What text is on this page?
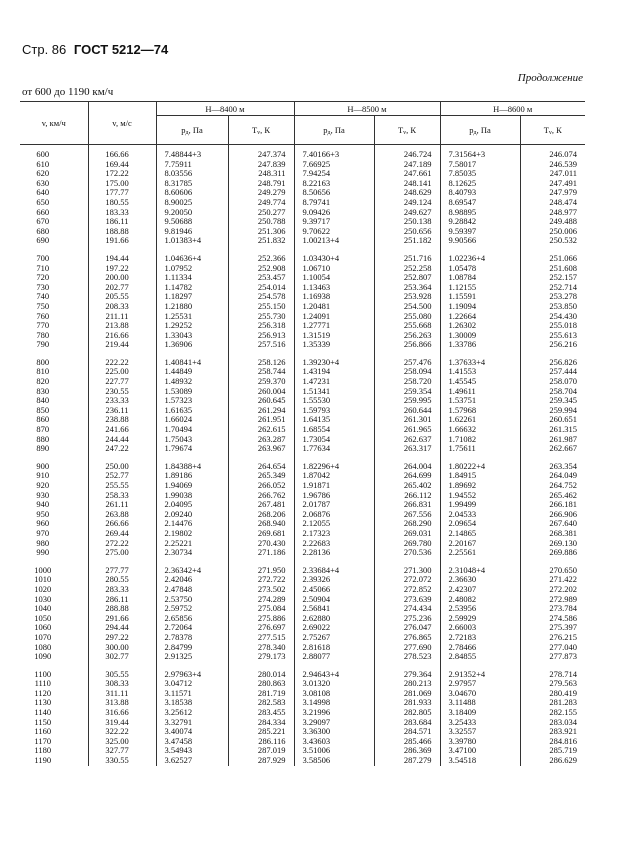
Стр. 86 ГОСТ 5212—74
Продолжение
от 600 до 1190 км/ч
v, км/ч	v, м/с	H—8400 м		H—8500 м		H—8600 м	
		pд, Па	Tv, К	pд, Па	Tv, К	pд, Па	Tv, К

600	166.66	7.48844+3	247.374	7.40166+3	246.724	7.31564+3	246.074
610	169.44	7.75911	247.839	7.66925	247.189	7.58017	246.539
620	172.22	8.03556	248.311	7.94254	247.661	7.85035	247.011
630	175.00	8.31785	248.791	8.22163	248.141	8.12625	247.491
640	177.77	8.60606	249.279	8.50656	248.629	8.40793	247.979
650	180.55	8.90025	249.774	8.79741	249.124	8.69547	248.474
660	183.33	9.20050	250.277	9.09426	249.627	8.98895	248.977
670	186.11	9.50688	250.788	9.39717	250.138	9.28842	249.488
680	188.88	9.81946	251.306	9.70622	250.656	9.59397	250.006
690	191.66	1.01383+4	251.832	1.00213+4	251.182	9.90566	250.532

700	194.44	1.04636+4	252.366	1.03430+4	251.716	1.02236+4	251.066
710	197.22	1.07952	252.908	1.06710	252.258	1.05478	251.608
720	200.00	1.11334	253.457	1.10054	252.807	1.08784	252.157
730	202.77	1.14782	254.014	1.13463	253.364	1.12155	252.714
740	205.55	1.18297	254.578	1.16938	253.928	1.15591	253.278
750	208.33	1.21880	255.150	1.20481	254.500	1.19094	253.850
760	211.11	1.25531	255.730	1.24091	255.080	1.22664	254.430
770	213.88	1.29252	256.318	1.27771	255.668	1.26302	255.018
780	216.66	1.33043	256.913	1.31519	256.263	1.30009	255.613
790	219.44	1.36906	257.516	1.35339	256.866	1.33786	256.216

800	222.22	1.40841+4	258.126	1.39230+4	257.476	1.37633+4	256.826
810	225.00	1.44849	258.744	1.43194	258.094	1.41553	257.444
820	227.77	1.48932	259.370	1.47231	258.720	1.45545	258.070
830	230.55	1.53089	260.004	1.51341	259.354	1.49611	258.704
840	233.33	1.57323	260.645	1.55530	259.995	1.53751	259.345
850	236.11	1.61635	261.294	1.59793	260.644	1.57968	259.994
860	238.88	1.66024	261.951	1.64135	261.301	1.62261	260.651
870	241.66	1.70494	262.615	1.68554	261.965	1.66632	261.315
880	244.44	1.75043	263.287	1.73054	262.637	1.71082	261.987
890	247.22	1.79674	263.967	1.77634	263.317	1.75611	262.667

900	250.00	1.84388+4	264.654	1.82296+4	264.004	1.80222+4	263.354
910	252.77	1.89186	265.349	1.87042	264.699	1.84915	264.049
920	255.55	1.94069	266.052	1.91871	265.402	1.89692	264.752
930	258.33	1.99038	266.762	1.96786	266.112	1.94552	265.462
940	261.11	2.04095	267.481	2.01787	266.831	1.99499	266.181
950	263.88	2.09240	268.206	2.06876	267.556	2.04533	266.906
960	266.66	2.14476	268.940	2.12055	268.290	2.09654	267.640
970	269.44	2.19802	269.681	2.17323	269.031	2.14865	268.381
980	272.22	2.25221	270.430	2.22683	269.780	2.20167	269.130
990	275.00	2.30734	271.186	2.28136	270.536	2.25561	269.886

1000	277.77	2.36342+4	271.950	2.33684+4	271.300	2.31048+4	270.650
1010	280.55	2.42046	272.722	2.39326	272.072	2.36630	271.422
1020	283.33	2.47848	273.502	2.45066	272.852	2.42307	272.202
1030	286.11	2.53750	274.289	2.50904	273.639	2.48082	272.989
1040	288.88	2.59752	275.084	2.56841	274.434	2.53956	273.784
1050	291.66	2.65856	275.886	2.62880	275.236	2.59929	274.586
1060	294.44	2.72064	276.697	2.69022	276.047	2.66003	275.397
1070	297.22	2.78378	277.515	2.75267	276.865	2.72183	276.215
1080	300.00	2.84799	278.340	2.81618	277.690	2.78466	277.040
1090	302.77	2.91325	279.173	2.88077	278.523	2.84855	277.873

1100	305.55	2.97963+4	280.014	2.94643+4	279.364	2.91352+4	278.714
1110	308.33	3.04712	280.863	3.01320	280.213	2.97957	279.563
1120	311.11	3.11571	281.719	3.08108	281.069	3.04670	280.419
1130	313.88	3.18538	282.583	3.14998	281.933	3.11488	281.283
1140	316.66	3.25612	283.455	3.21996	282.805	3.18409	282.155
1150	319.44	3.32791	284.334	3.29097	283.684	3.25433	283.034
1160	322.22	3.40074	285.221	3.36300	284.571	3.32557	283.921
1170	325.00	3.47458	286.116	3.43603	285.466	3.39780	284.816
1180	327.77	3.54943	287.019	3.51006	286.369	3.47100	285.719
1190	330.55	3.62527	287.929	3.58506	287.279	3.54518	286.629
